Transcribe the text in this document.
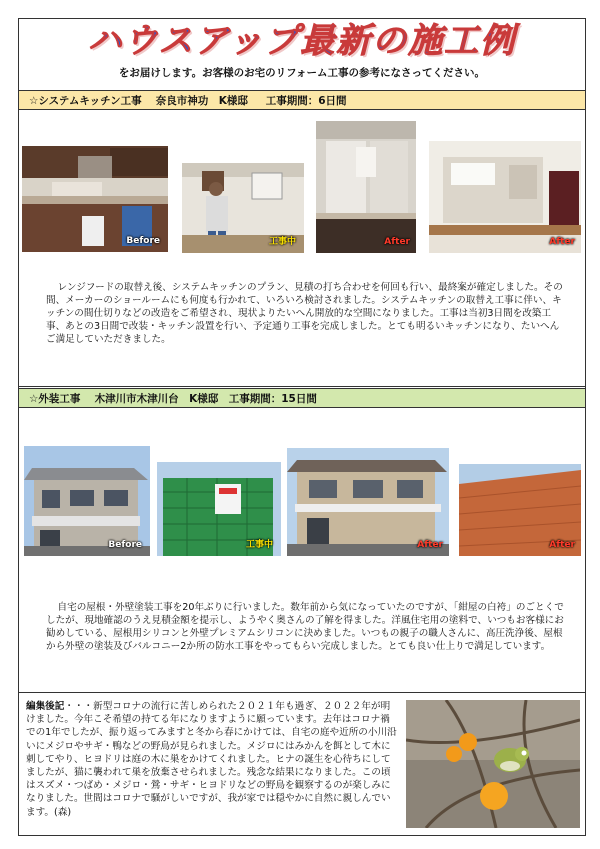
ハウスアップ最新の施工例
をお届けします。お客様のお宅のリフォーム工事の参考になさってください。
☆システムキッチン工事　 奈良市神功　K様邸　  工事期間：6日間
Before	工事中	After	After
レンジフードの取替え後、システムキッチンのプラン、見積の打ち合わせを何回も行い、最終案が確定しました。その間、メーカーのショールームにも何度も行かれて、いろいろ検討されました。システムキッチンの取替え工事に伴い、キッチンの間仕切りなどの改造をご希望され、現状よりたいへん開放的な空間になりました。工事は当初3日間を改築工事、あとの3日間で改装・キッチン設置を行い、予定通り工事を完成しました。とても明るいキッチンになり、たいへんご満足していただきました。
☆外装工事　 木津川市木津川台　K様邸　工事期間：15日間
Before	工事中	After	After
自宅の屋根・外壁塗装工事を20年ぶりに行いました。数年前から気になっていたのですが、「紺屋の白袴」のごとくでしたが、現地確認のうえ見積金額を提示し、ようやく奥さんの了解を得ました。洋風住宅用の塗料で、いつもお客様にお勧めしている、屋根用シリコンと外壁プレミアムシリコンに決めました。いつもの親子の職人さんに、高圧洗浄後、屋根から外壁の塗装及びバルコニー2か所の防水工事をやってもらい完成しました。とても良い仕上りで満足しています。
編集後記・・・新型コロナの流行に苦しめられた２０２１年も過ぎ、２０２２年が明けました。今年こそ希望の持てる年になりますように願っています。去年はコロナ禍での1年でしたが、振り返ってみますと冬から春にかけては、自宅の庭や近所の小川沿いにメジロやサギ・鴨などの野鳥が見られました。メジロにはみかんを餌として木に刺してやり、ヒヨドリは庭の木に巣をかけてくれました。ヒナの誕生を心待ちにしてましたが、猫に襲われて巣を放棄させられました。残念な結果になりました。この頃はスズメ・つばめ・メジロ・鶯・サギ・ヒヨドリなどの野鳥を観察するのが楽しみになりました。世間はコロナで騒がしいですが、我が家では穏やかに自然に親しんでいます。(森)
